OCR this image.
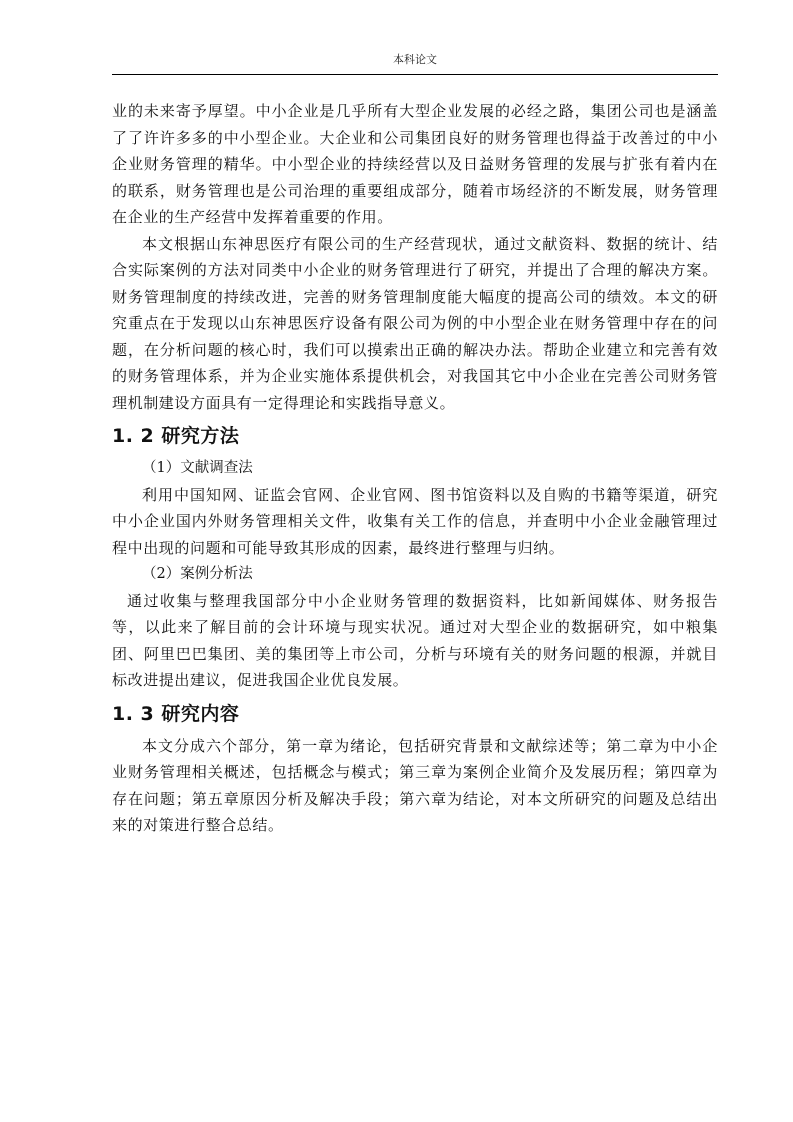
本科论文

业的未来寄予厚望。中小企业是几乎所有大型企业发展的必经之路，集团公司也是涵盖了了许许多多的中小型企业。大企业和公司集团良好的财务管理也得益于改善过的中小企业财务管理的精华。中小型企业的持续经营以及日益财务管理的发展与扩张有着内在的联系，财务管理也是公司治理的重要组成部分，随着市场经济的不断发展，财务管理在企业的生产经营中发挥着重要的作用。

本文根据山东神思医疗有限公司的生产经营现状，通过文献资料、数据的统计、结合实际案例的方法对同类中小企业的财务管理进行了研究，并提出了合理的解决方案。财务管理制度的持续改进，完善的财务管理制度能大幅度的提高公司的绩效。本文的研究重点在于发现以山东神思医疗设备有限公司为例的中小型企业在财务管理中存在的问题，在分析问题的核心时，我们可以摸索出正确的解决办法。帮助企业建立和完善有效的财务管理体系，并为企业实施体系提供机会，对我国其它中小企业在完善公司财务管理机制建设方面具有一定得理论和实践指导意义。

1. 2 研究方法

（1）文献调查法

利用中国知网、证监会官网、企业官网、图书馆资料以及自购的书籍等渠道，研究中小企业国内外财务管理相关文件，收集有关工作的信息，并查明中小企业金融管理过程中出现的问题和可能导致其形成的因素，最终进行整理与归纳。

（2）案例分析法

通过收集与整理我国部分中小企业财务管理的数据资料，比如新闻媒体、财务报告等，以此来了解目前的会计环境与现实状况。通过对大型企业的数据研究，如中粮集团、阿里巴巴集团、美的集团等上市公司，分析与环境有关的财务问题的根源，并就目标改进提出建议，促进我国企业优良发展。

1. 3 研究内容

本文分成六个部分，第一章为绪论，包括研究背景和文献综述等；第二章为中小企业财务管理相关概述，包括概念与模式；第三章为案例企业简介及发展历程；第四章为存在问题；第五章原因分析及解决手段；第六章为结论，对本文所研究的问题及总结出来的对策进行整合总结。
